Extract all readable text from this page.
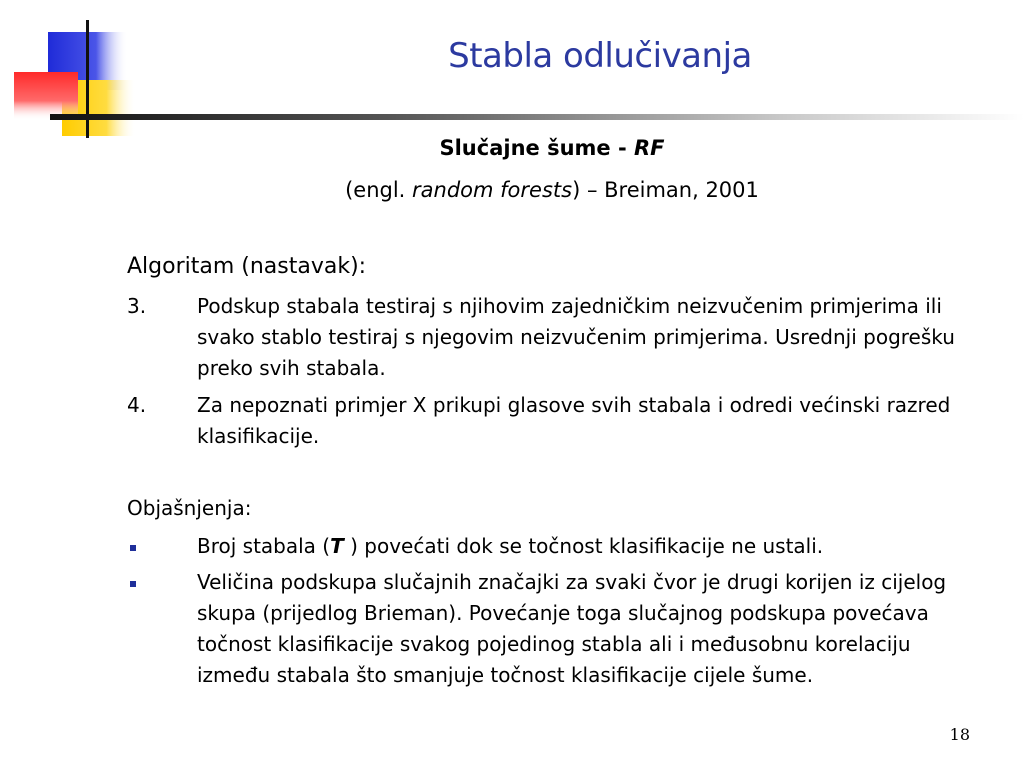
Stabla odlučivanja

Slučajne šume - RF

(engl. random forests) – Breiman, 2001

Algoritam (nastavak):
3.	Podskup stabala testiraj s njihovim zajedničkim neizvučenim primjerima ili svako stablo testiraj s njegovim neizvučenim primjerima. Usrednji pogrešku preko svih stabala.
4.	Za nepoznati primjer X prikupi glasove svih stabala i odredi većinski razred klasifikacije.
Objašnjenja:
Broj stabala (T ) povećati dok se točnost klasifikacije ne ustali.
Veličina podskupa slučajnih značajki za svaki čvor je drugi korijen iz cijelog skupa (prijedlog Brieman). Povećanje toga slučajnog podskupa povećava točnost klasifikacije svakog pojedinog stabla ali i međusobnu korelaciju između stabala što smanjuje točnost klasifikacije cijele šume.
18
